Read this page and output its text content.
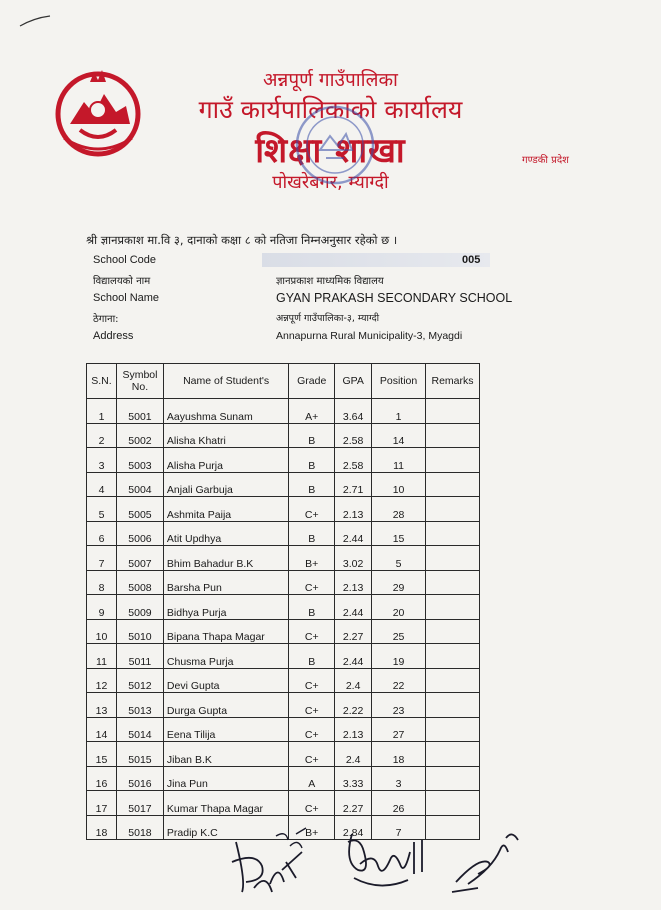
अन्नपूर्ण गाउँपालिका
गाउँ कार्यपालिकाको कार्यालय
शिक्षा शाखा
पोखरेबगर, म्याग्दी
गण्डकी प्रदेश
श्री ज्ञानप्रकाश मा.वि ३, दानाको कक्षा ८ को नतिजा निम्नअनुसार रहेको छ ।
School Code	005
विद्यालयको नाम	ज्ञानप्रकाश माध्यमिक विद्यालय
School Name	GYAN PRAKASH SECONDARY SCHOOL
ठेगाना:	अन्नपूर्ण गाउँपालिका-३, म्याग्दी
Address	Annapurna Rural Municipality-3, Myagdi
S.N.	Symbol No.	Name of Student's	Grade	GPA	Position	Remarks
1	5001	Aayushma Sunam	A+	3.64	1	
2	5002	Alisha Khatri	B	2.58	14	
3	5003	Alisha Purja	B	2.58	11	
4	5004	Anjali Garbuja	B	2.71	10	
5	5005	Ashmita Paija	C+	2.13	28	
6	5006	Atit Updhya	B	2.44	15	
7	5007	Bhim Bahadur B.K	B+	3.02	5	
8	5008	Barsha Pun	C+	2.13	29	
9	5009	Bidhya Purja	B	2.44	20	
10	5010	Bipana Thapa Magar	C+	2.27	25	
11	5011	Chusma Purja	B	2.44	19	
12	5012	Devi Gupta	C+	2.4	22	
13	5013	Durga Gupta	C+	2.22	23	
14	5014	Eena Tilija	C+	2.13	27	
15	5015	Jiban B.K	C+	2.4	18	
16	5016	Jina Pun	A	3.33	3	
17	5017	Kumar Thapa Magar	C+	2.27	26	
18	5018	Pradip K.C	B+	2.84	7	
